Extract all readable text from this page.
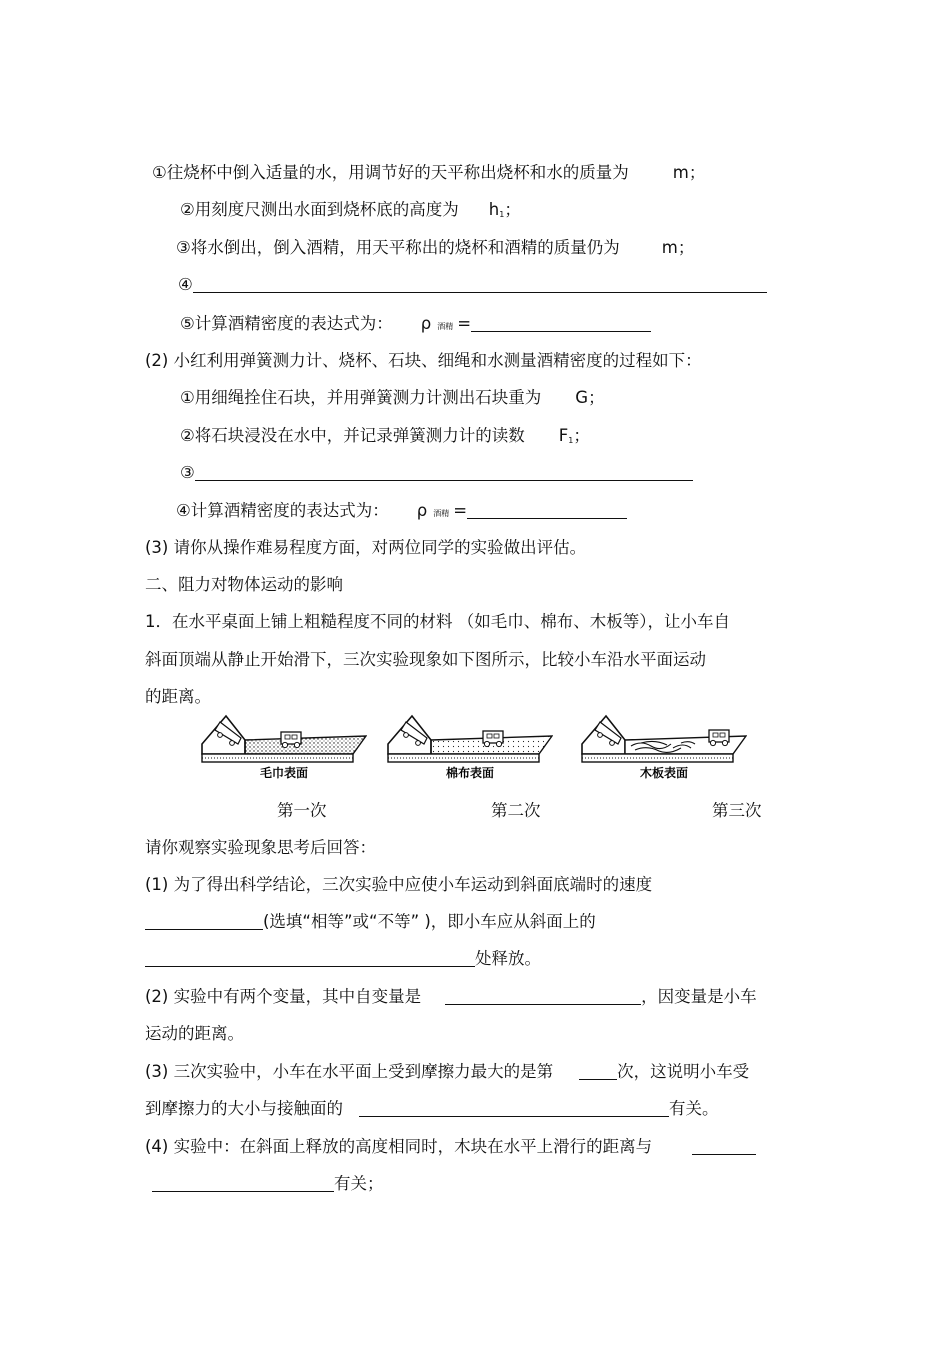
①往烧杯中倒入适量的水，用调节好的天平称出烧杯和水的质量为	m；
②用刻度尺测出水面到烧杯底的高度为 $h_1$；
③将水倒出，倒入酒精，用天平称出的烧杯和酒精的质量仍为	m；
④
⑤计算酒精密度的表达式为： ρ 酒精 =
(2) 小红利用弹簧测力计、烧杯、石块、细绳和水测量酒精密度的过程如下：
①用细绳拴住石块，并用弹簧测力计测出石块重为 G；
②将石块浸没在水中，并记录弹簧测力计的读数 $F_1$；
③
④计算酒精密度的表达式为： ρ 酒精 =
(3) 请你从操作难易程度方面，对两位同学的实验做出评估。
二、阻力对物体运动的影响
1．在水平桌面上铺上粗糙程度不同的材料 （如毛巾、棉布、木板等），让小车自
斜面顶端从静止开始滑下，三次实验现象如下图所示，比较小车沿水平面运动
的距离。
毛巾表面	棉布表面	木板表面
第一次	第二次	第三次
请你观察实验现象思考后回答：
(1) 为了得出科学结论，三次实验中应使小车运动到斜面底端时的速度
(选填“相等”或“不等” )，即小车应从斜面上的
处释放。
(2) 实验中有两个变量，其中自变量是	，因变量是小车
运动的距离。
(3) 三次实验中，小车在水平面上受到摩擦力最大的是第	次，这说明小车受
到摩擦力的大小与接触面的	有关。
(4) 实验中：在斜面上释放的高度相同时，木块在水平上滑行的距离与
有关；
